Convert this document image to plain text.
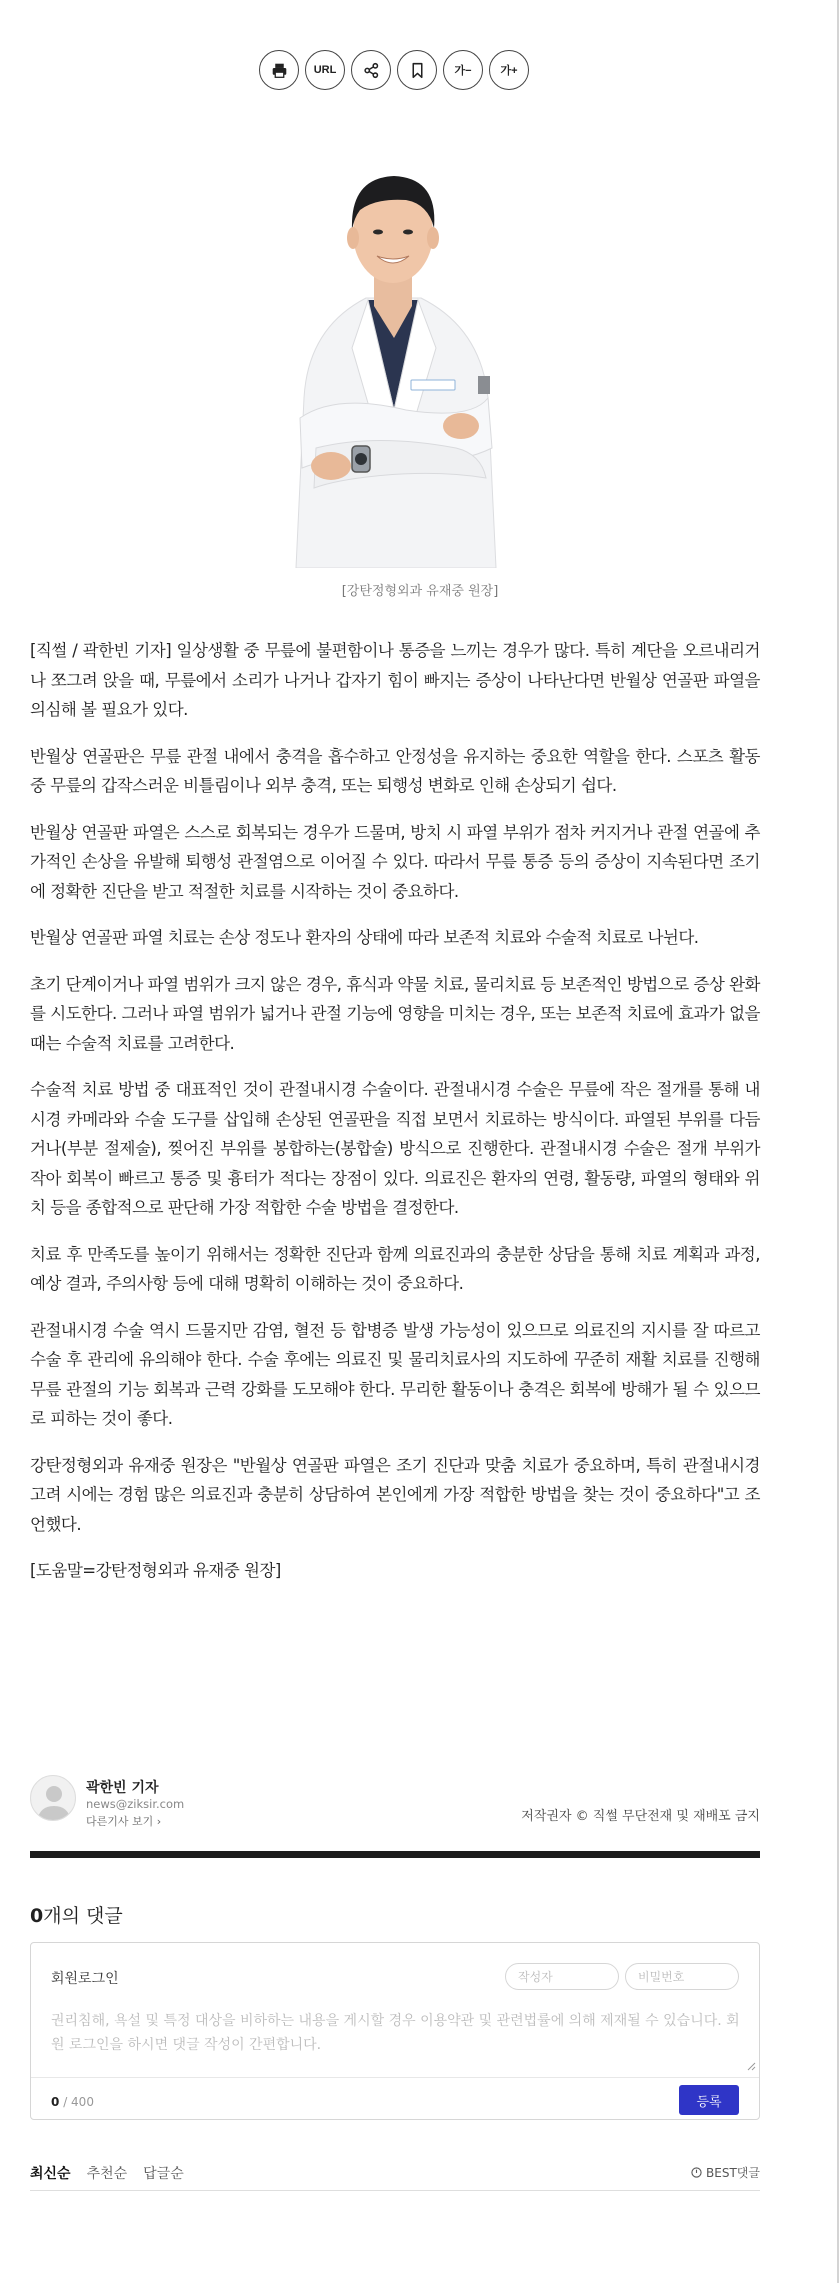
URL	가−	가+
[강탄정형외과 유재중 원장]

[직썰 / 곽한빈 기자] 일상생활 중 무릎에 불편함이나 통증을 느끼는 경우가 많다. 특히 계단을 오르내리거나 쪼그려 앉을 때, 무릎에서 소리가 나거나 갑자기 힘이 빠지는 증상이 나타난다면 반월상 연골판 파열을 의심해 볼 필요가 있다.

반월상 연골판은 무릎 관절 내에서 충격을 흡수하고 안정성을 유지하는 중요한 역할을 한다. 스포츠 활동 중 무릎의 갑작스러운 비틀림이나 외부 충격, 또는 퇴행성 변화로 인해 손상되기 쉽다.

반월상 연골판 파열은 스스로 회복되는 경우가 드물며, 방치 시 파열 부위가 점차 커지거나 관절 연골에 추가적인 손상을 유발해 퇴행성 관절염으로 이어질 수 있다. 따라서 무릎 통증 등의 증상이 지속된다면 조기에 정확한 진단을 받고 적절한 치료를 시작하는 것이 중요하다.

반월상 연골판 파열 치료는 손상 정도나 환자의 상태에 따라 보존적 치료와 수술적 치료로 나뉜다.

초기 단계이거나 파열 범위가 크지 않은 경우, 휴식과 약물 치료, 물리치료 등 보존적인 방법으로 증상 완화를 시도한다. 그러나 파열 범위가 넓거나 관절 기능에 영향을 미치는 경우, 또는 보존적 치료에 효과가 없을 때는 수술적 치료를 고려한다.

수술적 치료 방법 중 대표적인 것이 관절내시경 수술이다. 관절내시경 수술은 무릎에 작은 절개를 통해 내시경 카메라와 수술 도구를 삽입해 손상된 연골판을 직접 보면서 치료하는 방식이다. 파열된 부위를 다듬거나(부분 절제술), 찢어진 부위를 봉합하는(봉합술) 방식으로 진행한다. 관절내시경 수술은 절개 부위가 작아 회복이 빠르고 통증 및 흉터가 적다는 장점이 있다. 의료진은 환자의 연령, 활동량, 파열의 형태와 위치 등을 종합적으로 판단해 가장 적합한 수술 방법을 결정한다.

치료 후 만족도를 높이기 위해서는 정확한 진단과 함께 의료진과의 충분한 상담을 통해 치료 계획과 과정, 예상 결과, 주의사항 등에 대해 명확히 이해하는 것이 중요하다.

관절내시경 수술 역시 드물지만 감염, 혈전 등 합병증 발생 가능성이 있으므로 의료진의 지시를 잘 따르고 수술 후 관리에 유의해야 한다. 수술 후에는 의료진 및 물리치료사의 지도하에 꾸준히 재활 치료를 진행해 무릎 관절의 기능 회복과 근력 강화를 도모해야 한다. 무리한 활동이나 충격은 회복에 방해가 될 수 있으므로 피하는 것이 좋다.

강탄정형외과 유재중 원장은 "반월상 연골판 파열은 조기 진단과 맞춤 치료가 중요하며, 특히 관절내시경 고려 시에는 경험 많은 의료진과 충분히 상담하여 본인에게 가장 적합한 방법을 찾는 것이 중요하다"고 조언했다.

[도움말=강탄정형외과 유재중 원장]

곽한빈 기자
news@ziksir.com
다른기사 보기 ›	저작권자 © 직썰 무단전재 및 재배포 금지
0개의 댓글
회원로그인
작성자
권리침해, 욕설 및 특정 대상을 비하하는 내용을 게시할 경우 이용약관 및 관련법률에 의해 제재될 수 있습니다. 회원 로그인을 하시면 댓글 작성이 간편합니다.
0 / 400	등록
최신순 추천순 답글순	BEST댓글
